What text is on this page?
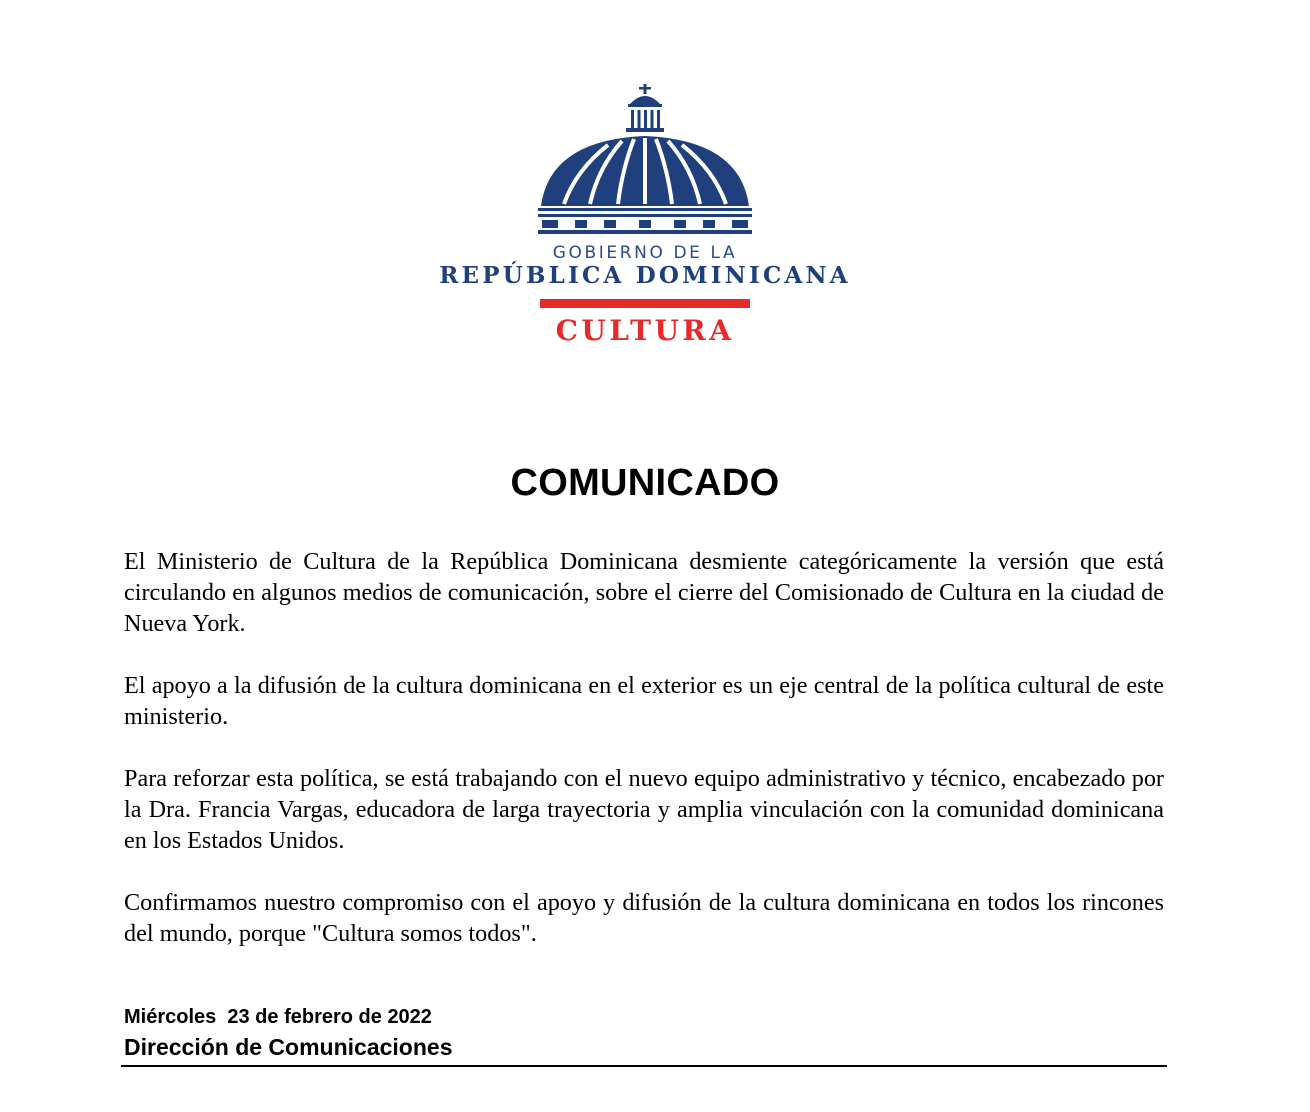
GOBIERNO DE LA
REPÚBLICA DOMINICANA
CULTURA
COMUNICADO

El Ministerio de Cultura de la República Dominicana desmiente categóricamente la versión que está circulando en algunos medios de comunicación, sobre el cierre del Comisionado de Cultura en la ciudad de Nueva York.

El apoyo a la difusión de la cultura dominicana en el exterior es un eje central de la política cultural de este ministerio.

Para reforzar esta política, se está trabajando con el nuevo equipo administrativo y técnico, encabezado por la Dra. Francia Vargas, educadora de larga trayectoria y amplia vinculación con la comunidad dominicana en los Estados Unidos.

Confirmamos nuestro compromiso con el apoyo y difusión de la cultura dominicana en todos los rincones del mundo, porque "Cultura somos todos".

Miércoles  23 de febrero de 2022
Dirección de Comunicaciones
